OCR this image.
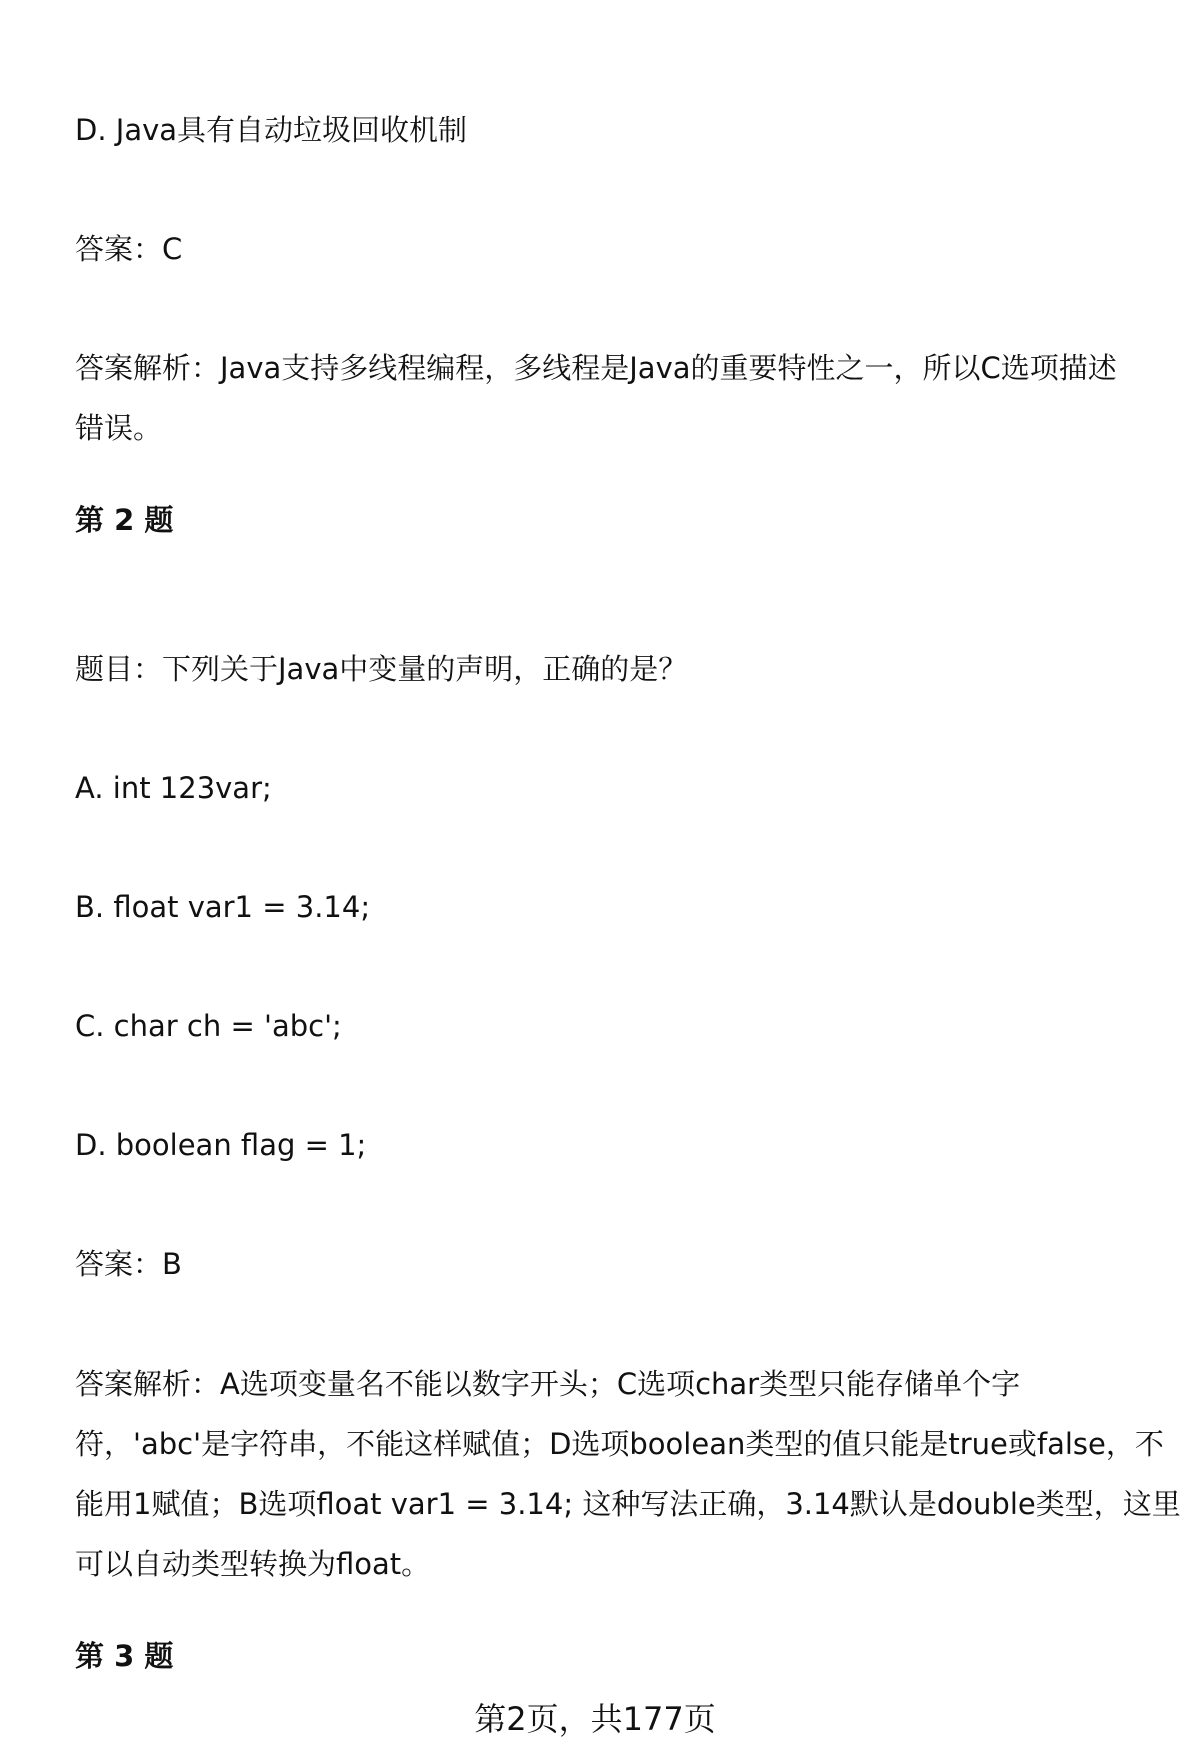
D. Java具有自动垃圾回收机制
答案：C
答案解析：Java支持多线程编程，多线程是Java的重要特性之一，所以C选项描述
错误。
第 2 题
题目：下列关于Java中变量的声明，正确的是？
A. int 123var;
B. float var1 = 3.14;
C. char ch = 'abc';
D. boolean flag = 1;
答案：B
答案解析：A选项变量名不能以数字开头；C选项char类型只能存储单个字
符，'abc'是字符串，不能这样赋值；D选项boolean类型的值只能是true或false，不
能用1赋值；B选项float var1 = 3.14; 这种写法正确，3.14默认是double类型，这里
可以自动类型转换为float。
第 3 题
第2页，共177页
